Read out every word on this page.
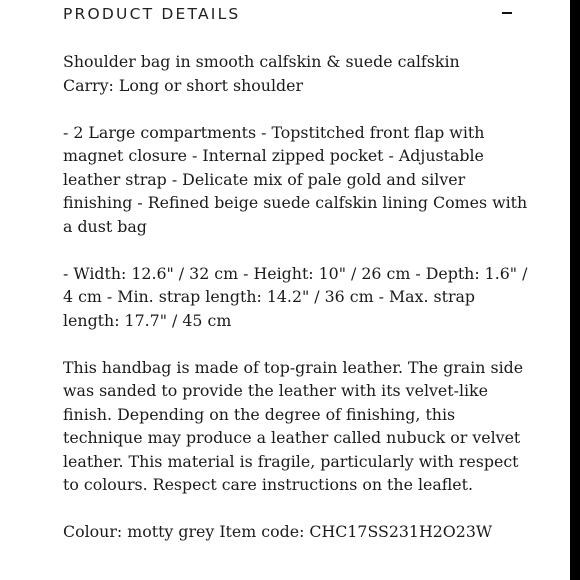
PRODUCT DETAILS

Shoulder bag in smooth calfskin & suede calfskin

Carry: Long or short shoulder

- 2 Large compartments - Topstitched front flap with magnet closure - Internal zipped pocket - Adjustable leather strap - Delicate mix of pale gold and silver finishing - Refined beige suede calfskin lining Comes with a dust bag

- Width: 12.6" / 32 cm - Height: 10" / 26 cm - Depth: 1.6" / 4 cm - Min. strap length: 14.2" / 36 cm - Max. strap length: 17.7" / 45 cm

This handbag is made of top-grain leather. The grain side was sanded to provide the leather with its velvet-like finish. Depending on the degree of finishing, this technique may produce a leather called nubuck or velvet leather. This material is fragile, particularly with respect to colours. Respect care instructions on the leaflet.

Colour: motty grey Item code: CHC17SS231H2O23W
